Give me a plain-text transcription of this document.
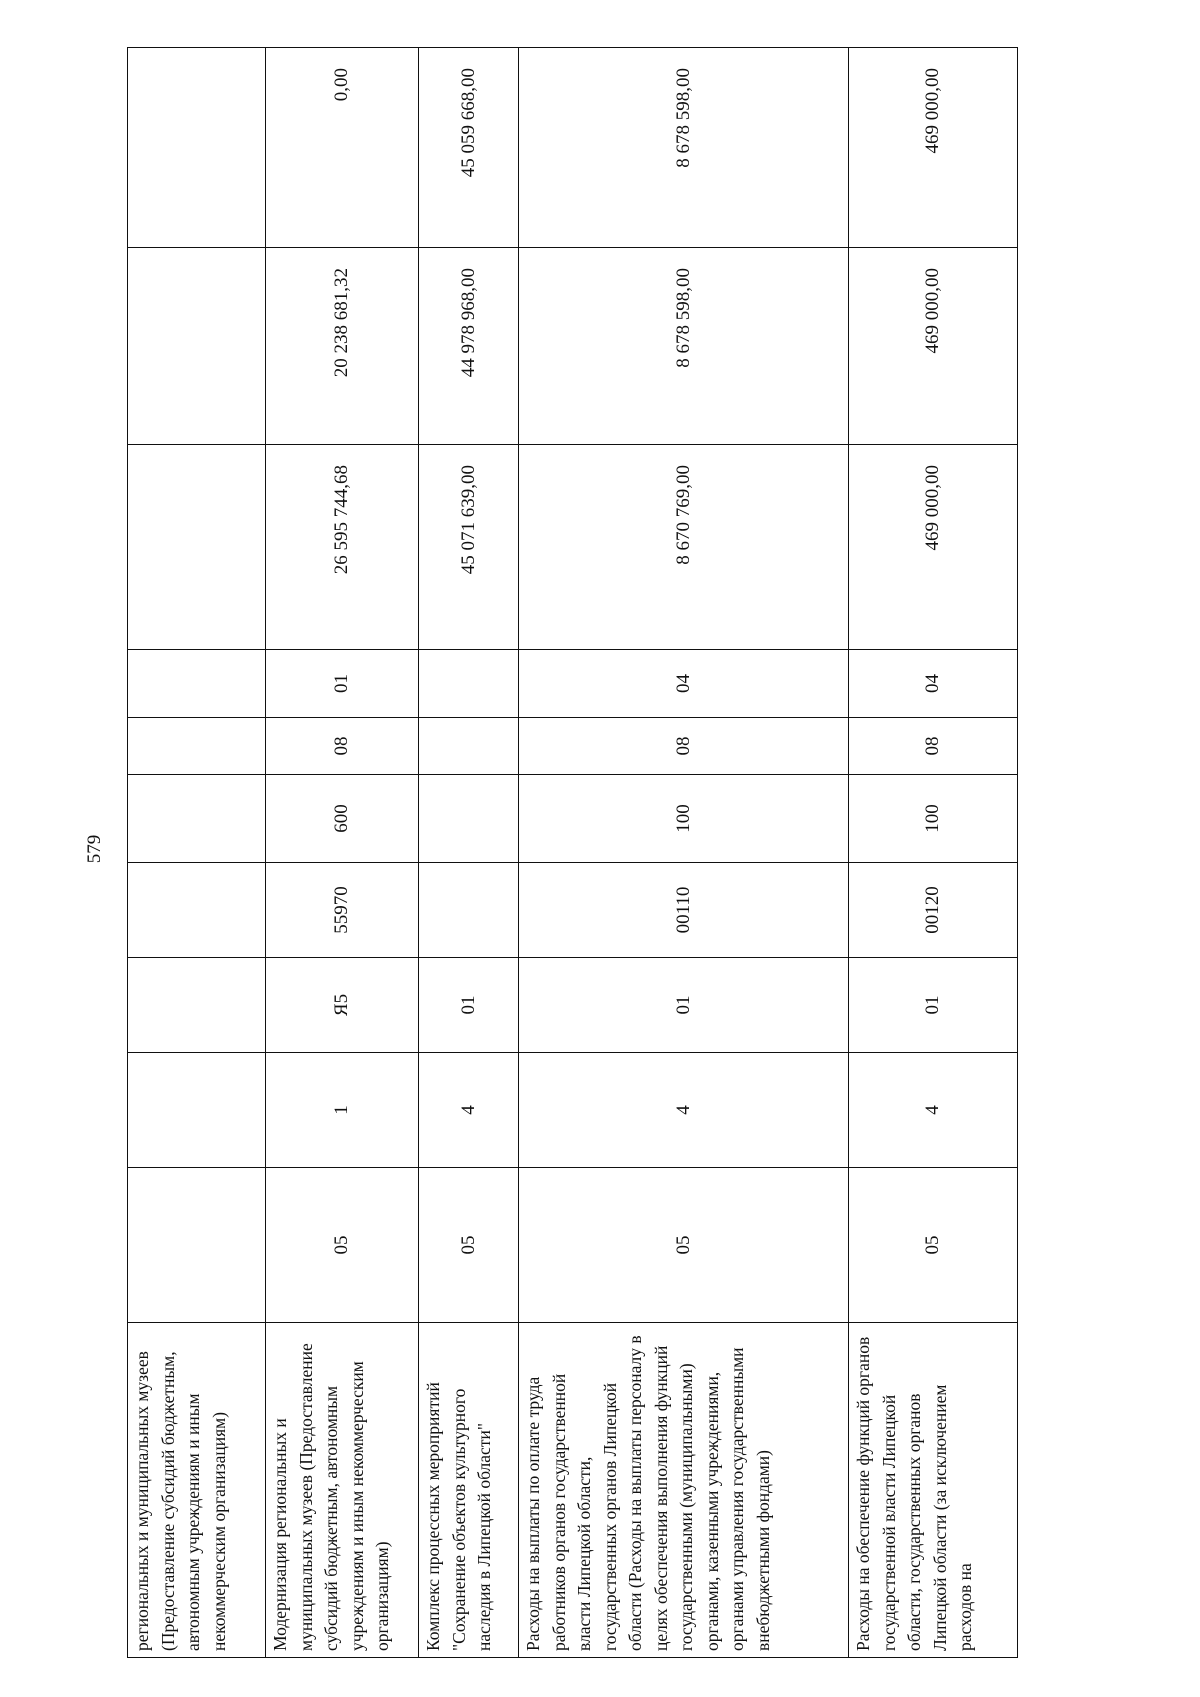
579
региональных и муниципальных музеев (Предоставление субсидий бюджетным, автономным учреждениям и иным некоммерческим организациям)										
Модернизация региональных и муниципальных музеев (Предоставление субсидий бюджетным, автономным учреждениям и иным некоммерческим организациям)	05	1	Я5	55970	600	08	01	26 595 744,68	20 238 681,32	0,00
Комплекс процессных мероприятий "Сохранение объектов культурного наследия в Липецкой области"	05	4	01					45 071 639,00	44 978 968,00	45 059 668,00
Расходы на выплаты по оплате труда работников органов государственной власти Липецкой области, государственных органов Липецкой области (Расходы на выплаты персоналу в целях обеспечения выполнения функций государственными (муниципальными) органами, казенными учреждениями, органами управления государственными внебюджетными фондами)	05	4	01	00110	100	08	04	8 670 769,00	8 678 598,00	8 678 598,00
Расходы на обеспечение функций органов государственной власти Липецкой области, государственных органов Липецкой области (за исключением расходов на	05	4	01	00120	100	08	04	469 000,00	469 000,00	469 000,00
